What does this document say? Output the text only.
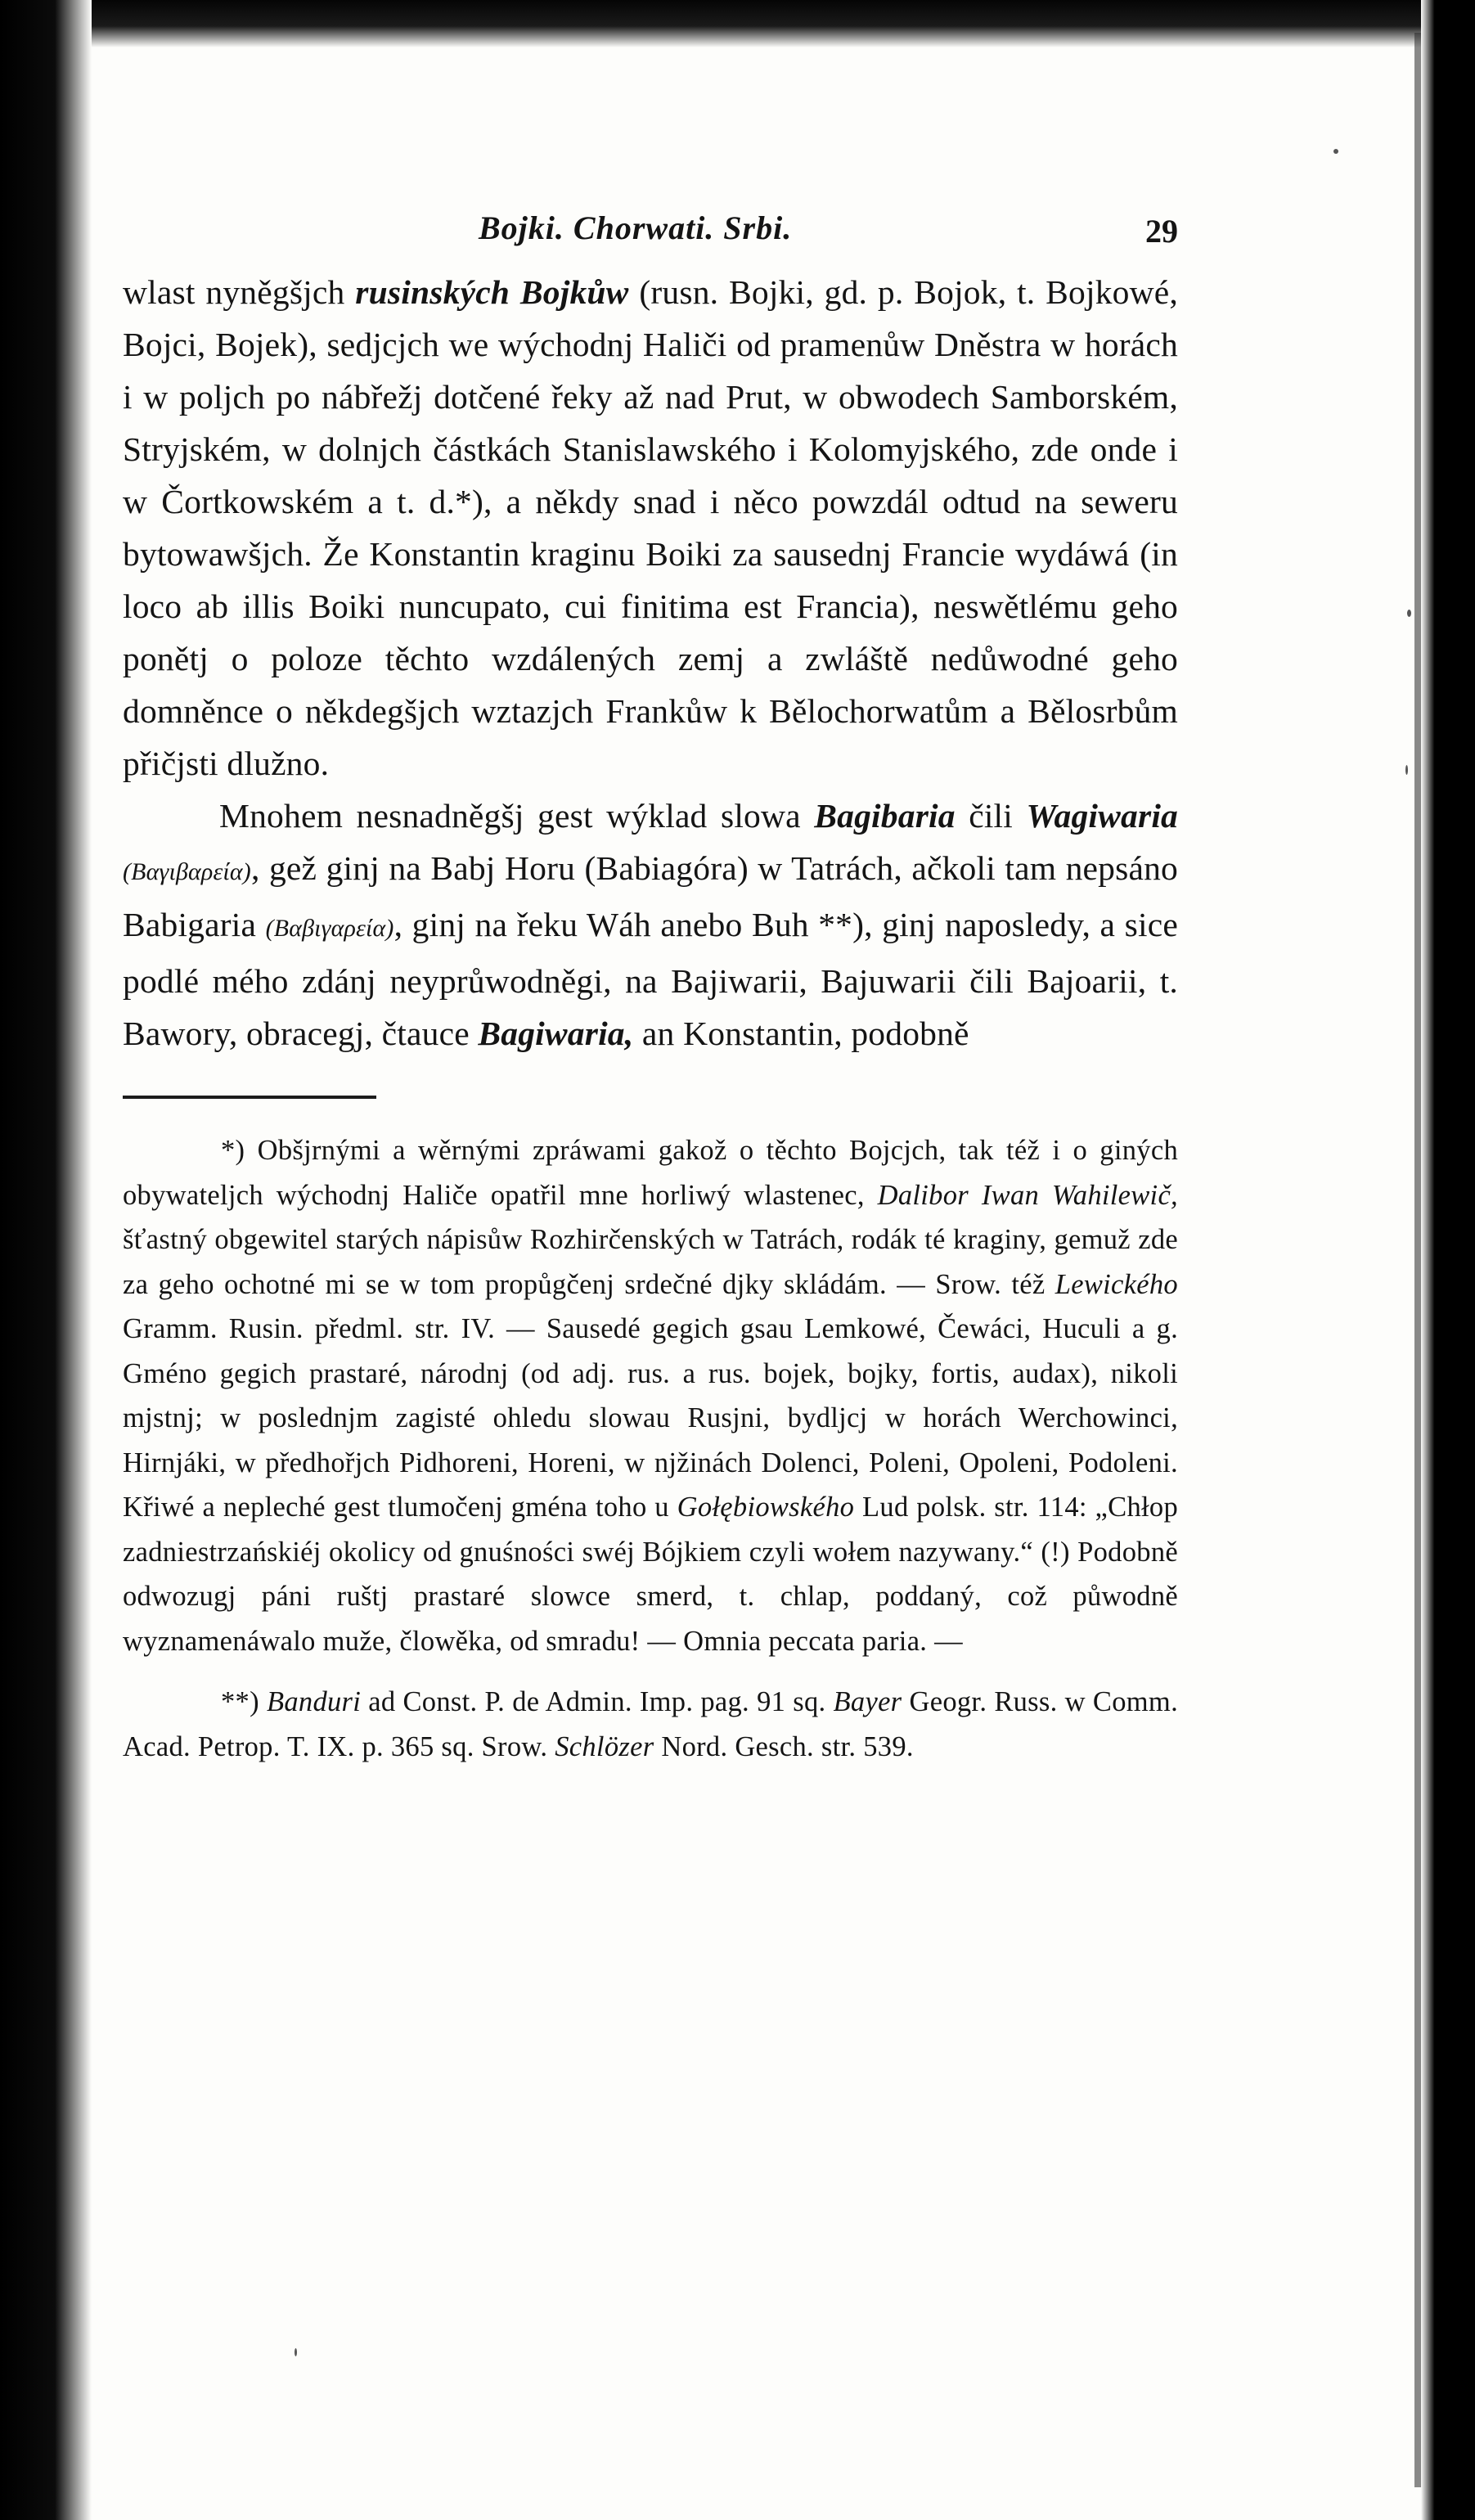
Bojki. Chorwati. Srbi.	29

wlast nyněgšjch rusinských Bojkůw (rusn. Bojki, gd. p. Bojok, t. Bojkowé, Bojci, Bojek), sedjcjch we wýchodnj Haliči od pramenůw Dněstra w horách i w poljch po nábřežj dotčené řeky až nad Prut, w obwodech Samborském, Stryjském, w dolnjch částkách Stanislawského i Kolomyjského, zde onde i w Čortkowském a t. d.*), a někdy snad i něco powzdál odtud na seweru bytowawšjch. Že Konstantin kraginu Boiki za sausednj Francie wydáwá (in loco ab illis Boiki nuncupato, cui finitima est Francia), neswětlému geho ponětj o poloze těchto wzdálených zemj a zwláště nedůwodné geho domněnce o někdegšjch wztazjch Frankůw k Bělochorwatům a Bělosrbům přičjsti dlužno.

Mnohem nesnadněgšj gest wýklad slowa Bagibaria čili Wagiwaria (Βαγιβαρεία), gež ginj na Babj Horu (Babiagóra) w Tatrách, ačkoli tam nepsáno Babigaria (Βαβιγαρεία), ginj na řeku Wáh anebo Buh **), ginj naposledy, a sice podlé mého zdánj neyprůwodněgi, na Bajiwarii, Bajuwarii čili Bajoarii, t. Bawory, obracegj, čtauce Bagiwaria, an Konstantin, podobně

*) Obšjrnými a wěrnými zpráwami gakož o těchto Bojcjch, tak též i o giných obywateljch wýchodnj Haliče opatřil mne horliwý wlastenec, Dalibor Iwan Wahilewič, šťastný obgewitel starých nápisůw Rozhirčenských w Tatrách, rodák té kraginy, gemuž zde za geho ochotné mi se w tom propůgčenj srdečné djky skládám. — Srow. též Lewického Gramm. Rusin. předml. str. IV. — Sausedé gegich gsau Lemkowé, Čewáci, Huculi a g. Gméno gegich prastaré, národnj (od adj. rus. a rus. bojek, bojky, fortis, audax), nikoli mjstnj; w poslednjm zagisté ohledu slowau Rusjni, bydljcj w horách Werchowinci, Hirnjáki, w předhořjch Pidhoreni, Horeni, w njžinách Dolenci, Poleni, Opoleni, Podoleni. Křiwé a nepleché gest tlumočenj gména toho u Gołębiowského Lud polsk. str. 114: „Chłop zadniestrzańskiéj okolicy od gnuśności swéj Bójkiem czyli wołem nazywany.“ (!) Podobně odwozugj páni ruštj prastaré slowce smerd, t. chlap, poddaný, což půwodně wyznamenáwalo muže, člowěka, od smradu! — Omnia peccata paria. —

**) Banduri ad Const. P. de Admin. Imp. pag. 91 sq. Bayer Geogr. Russ. w Comm. Acad. Petrop. T. IX. p. 365 sq. Srow. Schlözer Nord. Gesch. str. 539.
